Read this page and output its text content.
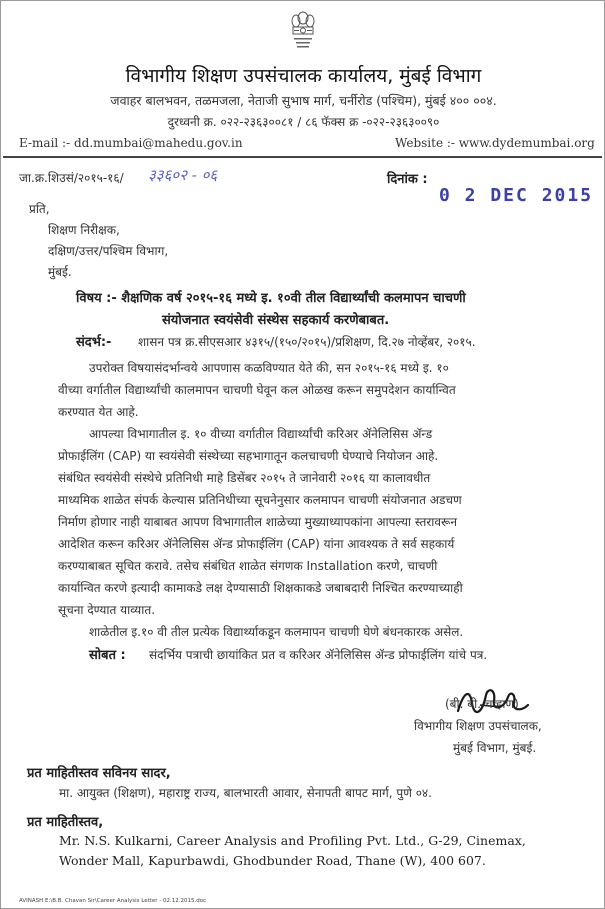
विभागीय शिक्षण उपसंचालक कार्यालय, मुंबई विभाग
जवाहर बालभवन, तळमजला, नेताजी सुभाष मार्ग, चर्नीरोड (पश्चिम), मुंबई ४०० ००४.
दुरध्वनी क्र. ०२२-२३६३००८१ / ८६ फॅक्स क्र -०२२-२३६३००९०
E-mail :- dd.mumbai@mahedu.gov.in	Website :- www.dydemumbai.org
जा.क्र.शिउसं/२०१५-१६/ ३३६०२ - ०६	दिनांक :
0 2 DEC 2015
प्रति,
शिक्षण निरीक्षक,
दक्षिण/उत्तर/पश्चिम विभाग,
मुंबई.
विषय :- शैक्षणिक वर्ष २०१५-१६ मध्ये इ. १०वी तील विद्यार्थ्यांची कलमापन चाचणी
संयोजनात स्वयंसेवी संस्थेस सहकार्य करणेबाबत.
संदर्भ:- शासन पत्र क्र.सीएसआर ४३१५/(१५०/२०१५)/प्रशिक्षण, दि.२७ नोव्हेंबर, २०१५.
उपरोक्त विषयासंदर्भान्वये आपणास कळविण्यात येते की, सन २०१५-१६ मध्ये इ. १०
वीच्या वर्गातील विद्यार्थ्यांची कालमापन चाचणी घेवून कल ओळख करून समुपदेशन कार्यान्वित
करण्यात येत आहे.
आपल्या विभागातील इ. १० वीच्या वर्गातील विद्यार्थ्यांची करिअर ॲनेलिसिस ॲन्ड
प्रोफाईलिंग (CAP) या स्वयंसेवी संस्थेच्या सहभागातून कलचाचणी घेण्याचे नियोजन आहे.
संबंधित स्वयंसेवी संस्थेचे प्रतिनिधी माहे डिसेंबर २०१५ ते जानेवारी २०१६ या कालावधीत
माध्यमिक शाळेत संपर्क केल्यास प्रतिनिधीच्या सूचनेनुसार कलमापन चाचणी संयोजनात अडचण
निर्माण होणार नाही याबाबत आपण विभागातील शाळेच्या मुख्याध्यापकांना आपल्या स्तरावरून
आदेशित करून करिअर ॲनेलिसिस ॲन्ड प्रोफाईलिंग (CAP) यांना आवश्यक ते सर्व सहकार्य
करण्याबाबत सूचित करावे. तसेच संबंधित शाळेत संगणक Installation करणे, चाचणी
कार्यान्वित करणे इत्यादी कामाकडे लक्ष देण्यासाठी शिक्षकाकडे जबाबदारी निश्चित करण्याच्याही
सूचना देण्यात याव्यात.
शाळेतील इ.१० वी तील प्रत्येक विद्यार्थ्याकडून कलमापन चाचणी घेणे बंधनकारक असेल.
सोबत : संदर्भिय पत्राची छायांकित प्रत व करिअर ॲनेलिसिस ॲन्ड प्रोफाईलिंग यांचे पत्र.
(बी. बी. चव्हाण)
विभागीय शिक्षण उपसंचालक,
मुंबई विभाग, मुंबई.
प्रत माहितीस्तव सविनय सादर,
मा. आयुक्त (शिक्षण), महाराष्ट्र राज्य, बालभारती आवार, सेनापती बापट मार्ग, पुणे ०४.
प्रत माहितीस्तव,
Mr. N.S. Kulkarni, Career Analysis and Profiling Pvt. Ltd., G-29, Cinemax,
Wonder Mall, Kapurbawdi, Ghodbunder Road, Thane (W), 400 607.
AVINASH E:\B.B. Chavan Sir\Career Analysis Letter - 02.12.2015.doc
